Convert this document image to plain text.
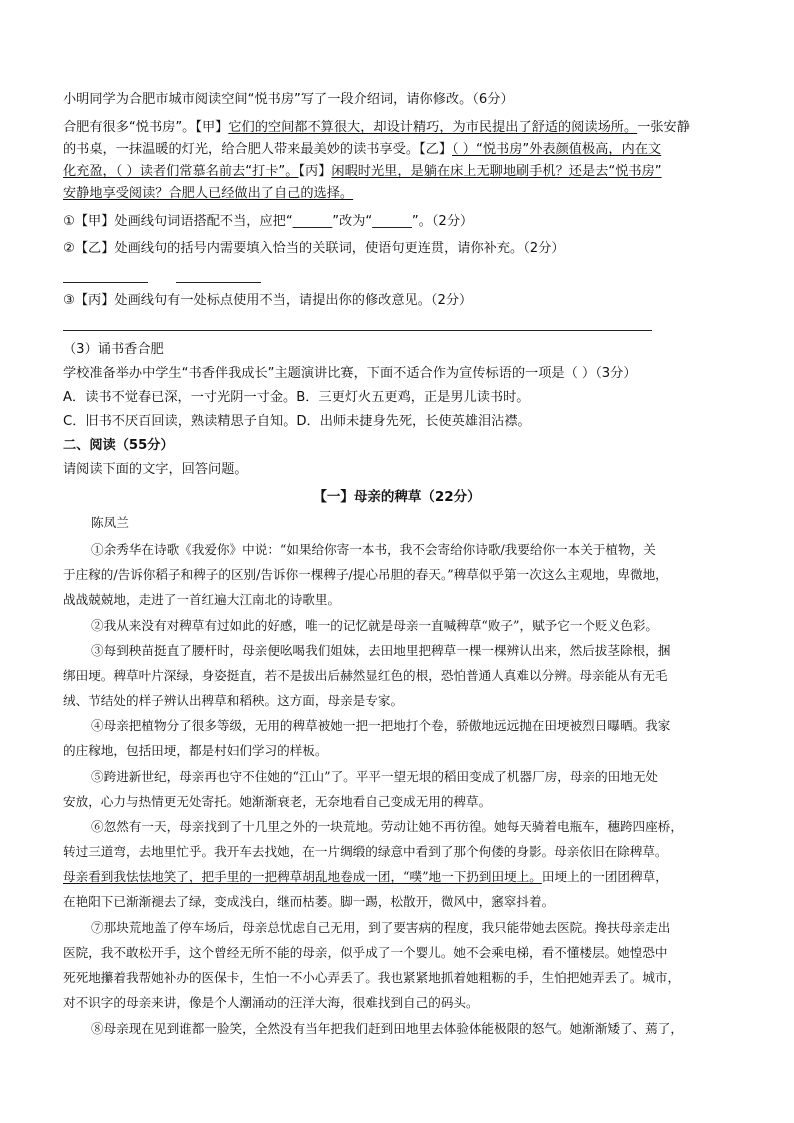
小明同学为合肥市城市阅读空间“悦书房”写了一段介绍词，请你修改。（6分）
合肥有很多“悦书房”。【甲】它们的空间都不算很大，却设计精巧，为市民提出了舒适的阅读场所。一张安静
的书桌，一抹温暖的灯光，给合肥人带来最美妙的读书享受。【乙】（ ）“悦书房”外表颜值极高，内在文
化充盈，（ ）读者们常慕名前去“打卡”。【丙】闲暇时光里，是躺在床上无聊地刷手机？还是去“悦书房”
安静地享受阅读？合肥人已经做出了自己的选择。
①【甲】处画线句词语搭配不当，应把“______”改为“______”。（2分）
②【乙】处画线句的括号内需要填入恰当的关联词，使语句更连贯，请你补充。（2分）
③【丙】处画线句有一处标点使用不当，请提出你的修改意见。（2分）
（3）诵书香合肥
学校准备举办中学生“书香伴我成长”主题演讲比赛，下面不适合作为宣传标语的一项是（ ）（3分）
A．读书不觉春已深，一寸光阴一寸金。B．三更灯火五更鸡，正是男儿读书时。
C．旧书不厌百回读，熟读精思子自知。D．出师未捷身先死，长使英雄泪沾襟。
二、阅读（55分）
请阅读下面的文字，回答问题。
【一】母亲的稗草（22分）
陈凤兰
①余秀华在诗歌《我爱你》中说：“如果给你寄一本书，我不会寄给你诗歌/我要给你一本关于植物，关
于庄稼的/告诉你稻子和稗子的区别/告诉你一棵稗子/提心吊胆的春天。”稗草似乎第一次这么主观地，卑微地，
战战兢兢地，走进了一首红遍大江南北的诗歌里。
②我从来没有对稗草有过如此的好感，唯一的记忆就是母亲一直喊稗草“败子”，赋予它一个贬义色彩。
③每到秧苗挺直了腰杆时，母亲便吆喝我们姐妹，去田地里把稗草一棵一棵辨认出来，然后拔茎除根，捆
绑田埂。稗草叶片深绿，身姿挺直，若不是拔出后赫然显红色的根，恐怕普通人真难以分辨。母亲能从有无毛
绒、节结处的样子辨认出稗草和稻秧。这方面，母亲是专家。
④母亲把植物分了很多等级，无用的稗草被她一把一把地打个卷，骄傲地远远抛在田埂被烈日曝晒。我家
的庄稼地，包括田埂，都是村妇们学习的样板。
⑤跨进新世纪，母亲再也守不住她的“江山”了。平平一望无垠的稻田变成了机器厂房，母亲的田地无处
安放，心力与热情更无处寄托。她渐渐衰老，无奈地看自己变成无用的稗草。
⑥忽然有一天，母亲找到了十几里之外的一块荒地。劳动让她不再彷徨。她每天骑着电瓶车，穗跨四座桥，
转过三道弯，去地里忙乎。我开车去找她，在一片绸缎的绿意中看到了那个佝偻的身影。母亲依旧在除稗草。
母亲看到我怯怯地笑了，把手里的一把稗草胡乱地卷成一团，“噗”地一下扔到田埂上。田埂上的一团团稗草，
在艳阳下已渐渐褪去了绿，变成浅白，继而枯萎。脚一踢，松散开，微风中，窸窣抖着。
⑦那块荒地盖了停车场后，母亲总忧虑自己无用，到了要害病的程度，我只能带她去医院。搀扶母亲走出
医院，我不敢松开手，这个曾经无所不能的母亲，似乎成了一个婴儿。她不会乘电梯，看不懂楼层。她惶恐中
死死地攥着我帮她补办的医保卡，生怕一不小心弄丢了。我也紧紧地抓着她粗粝的手，生怕把她弄丢了。城市，
对不识字的母亲来讲，像是个人潮涌动的汪洋大海，很难找到自己的码头。
⑧母亲现在见到谁都一脸笑，全然没有当年把我们赶到田地里去体验体能极限的怒气。她渐渐矮了、蔫了，
